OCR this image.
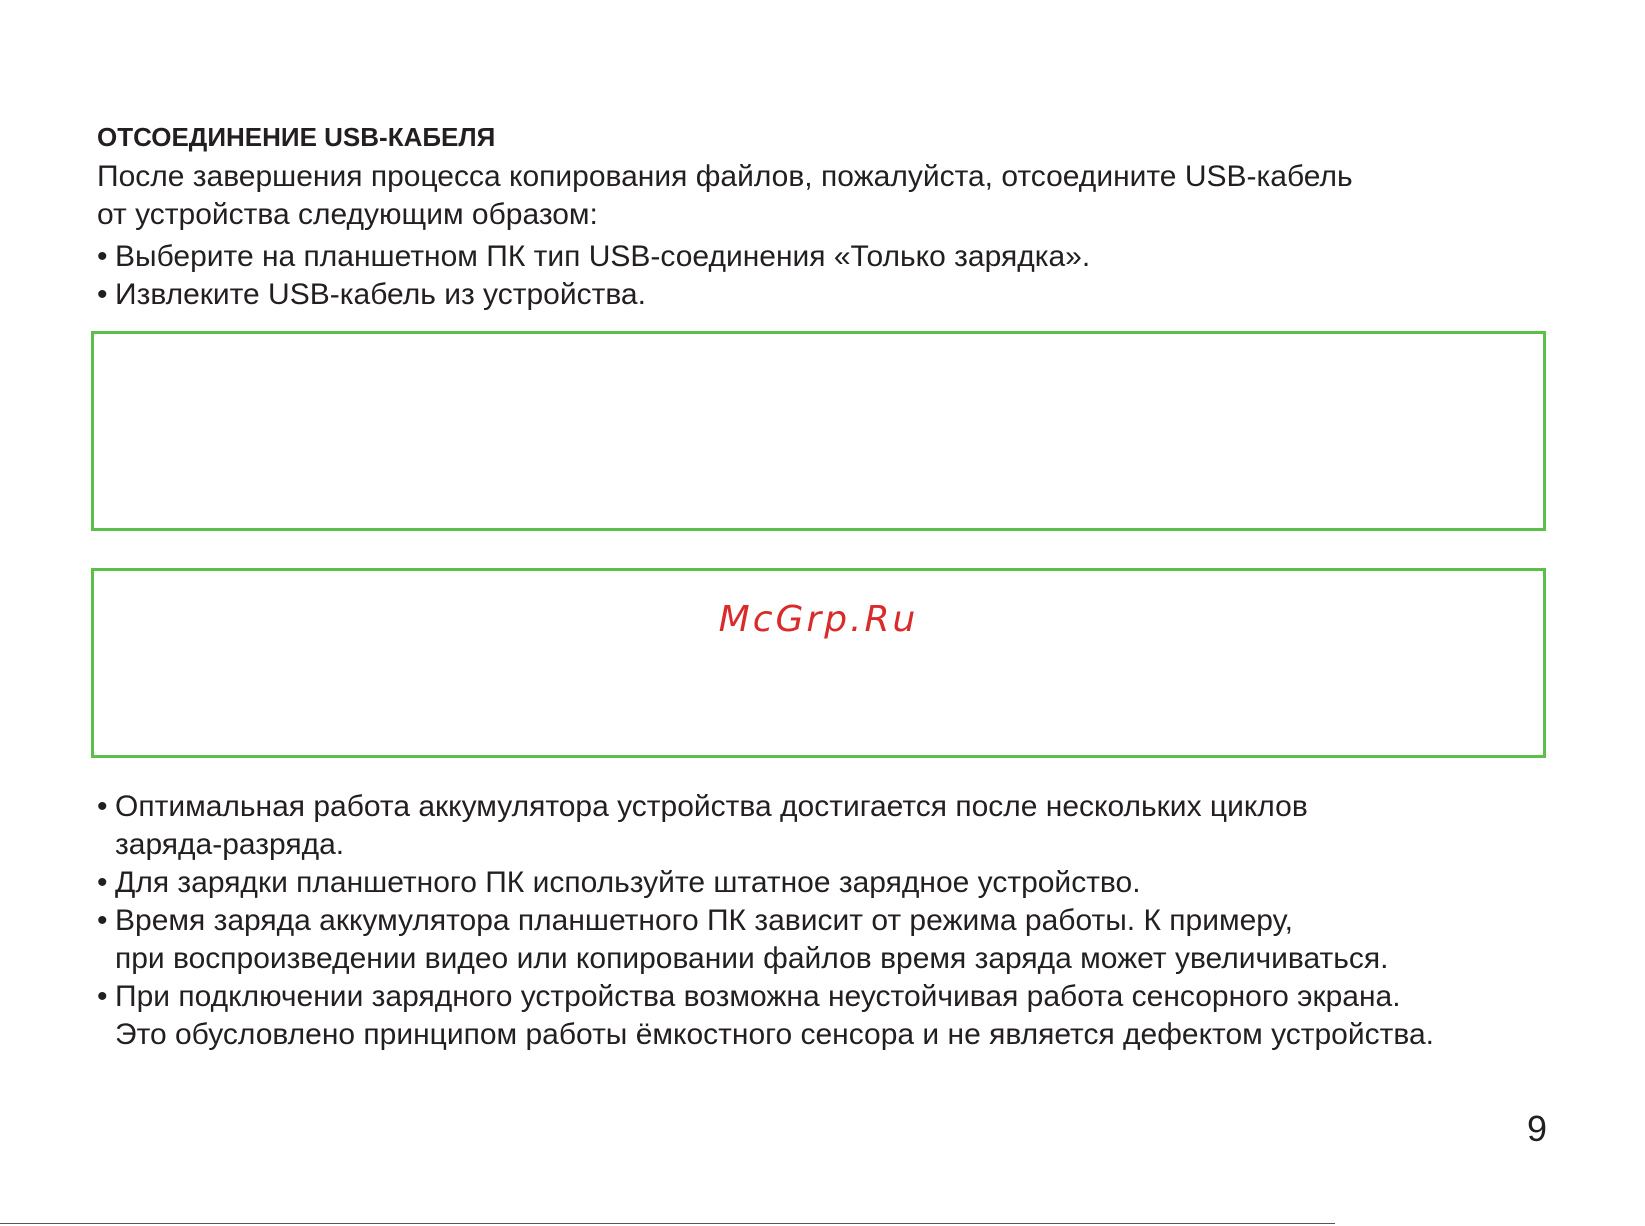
ОТСОЕДИНЕНИЕ USB-КАБЕЛЯ

После завершения процесса копирования файлов, пожалуйста, отсоедините USB-кабель

от устройства следующим образом:

• Выберите на планшетном ПК тип USB-соединения «Только зарядка».
• Извлеките USB-кабель из устройства.
McGrp.Ru
• Оптимальная работа аккумулятора устройства достигается после нескольких циклов
заряда-разряда.
• Для зарядки планшетного ПК используйте штатное зарядное устройство.
• Время заряда аккумулятора планшетного ПК зависит от режима работы. К примеру,
при воспроизведении видео или копировании файлов время заряда может увеличиваться.
• При подключении зарядного устройства возможна неустойчивая работа сенсорного экрана.
Это обусловлено принципом работы ёмкостного сенсора и не является дефектом устройства.
9
